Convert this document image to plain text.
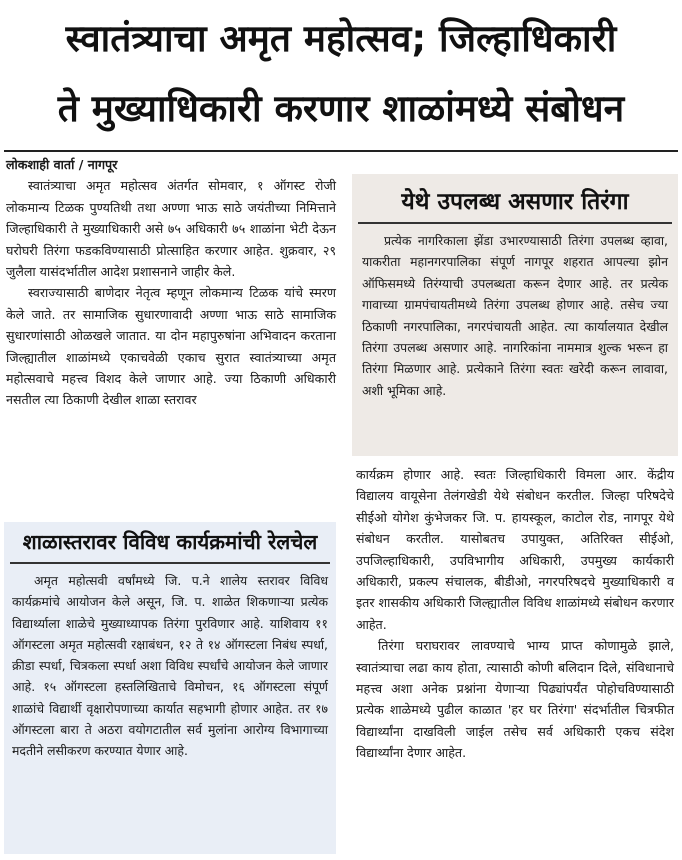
स्वातंत्र्याचा अमृत महोत्सव; जिल्हाधिकारी
ते मुख्याधिकारी करणार शाळांमध्ये संबोधन

लोकशाही वार्ता / नागपूर

स्वातंत्र्याचा अमृत महोत्सव अंतर्गत सोमवार, १ ऑगस्ट रोजी लोकमान्य टिळक पुण्यतिथी तथा अण्णा भाऊ साठे जयंतीच्या निमित्ताने जिल्हाधिकारी ते मुख्याधिकारी असे ७५ अधिकारी ७५ शाळांना भेटी देऊन घरोघरी तिरंगा फडकविण्यासाठी प्रोत्साहित करणार आहेत. शुक्रवार, २९ जुलैला यासंदर्भातील आदेश प्रशासनाने जाहीर केले.

स्वराज्यासाठी बाणेदार नेतृत्व म्हणून लोकमान्य टिळक यांचे स्मरण केले जाते. तर सामाजिक सुधारणावादी अण्णा भाऊ साठे सामाजिक सुधारणांसाठी ओळखले जातात. या दोन महापुरुषांना अभिवादन करताना जिल्ह्यातील शाळांमध्ये एकाचवेळी एकाच सुरात स्वातंत्र्याच्या अमृत महोत्सवाचे महत्त्व विशद केले जाणार आहे. ज्या ठिकाणी अधिकारी नसतील त्या ठिकाणी देखील शाळा स्तरावर

येथे उपलब्ध असणार तिरंगा

प्रत्येक नागरिकाला झेंडा उभारण्यासाठी तिरंगा उपलब्ध व्हावा, याकरीता महानगरपालिका संपूर्ण नागपूर शहरात आपल्या झोन ऑफिसमध्ये तिरंग्याची उपलब्धता करून देणार आहे. तर प्रत्येक गावाच्या ग्रामपंचायतीमध्ये तिरंगा उपलब्ध होणार आहे. तसेच ज्या ठिकाणी नगरपालिका, नगरपंचायती आहेत. त्या कार्यालयात देखील तिरंगा उपलब्ध असणार आहे. नागरिकांना नाममात्र शुल्क भरून हा तिरंगा मिळणार आहे. प्रत्येकाने तिरंगा स्वतः खरेदी करून लावावा, अशी भूमिका आहे.

कार्यक्रम होणार आहे. स्वतः जिल्हाधिकारी विमला आर. केंद्रीय विद्यालय वायूसेना तेलंगखेडी येथे संबोधन करतील. जिल्हा परिषदेचे सीईओ योगेश कुंभेजकर जि. प. हायस्कूल, काटोल रोड, नागपूर येथे संबोधन करतील. यासोबतच उपायुक्त, अतिरिक्त सीईओ, उपजिल्हाधिकारी, उपविभागीय अधिकारी, उपमुख्य कार्यकारी अधिकारी, प्रकल्प संचालक, बीडीओ, नगरपरिषदचे मुख्याधिकारी व इतर शासकीय अधिकारी जिल्ह्यातील विविध शाळांमध्ये संबोधन करणार आहेत.

तिरंगा घराघरावर लावण्याचे भाग्य प्राप्त कोणामुळे झाले, स्वातंत्र्याचा लढा काय होता, त्यासाठी कोणी बलिदान दिले, संविधानाचे महत्त्व अशा अनेक प्रश्नांना येणाऱ्या पिढ्यांपर्यंत पोहोचविण्यासाठी प्रत्येक शाळेमध्ये पुढील काळात 'हर घर तिरंगा' संदर्भातील चित्रफीत विद्यार्थ्यांना दाखविली जाईल तसेच सर्व अधिकारी एकच संदेश विद्यार्थ्यांना देणार आहेत.

शाळास्तरावर विविध कार्यक्रमांची रेलचेल

अमृत महोत्सवी वर्षांमध्ये जि. प.ने शालेय स्तरावर विविध कार्यक्रमांचे आयोजन केले असून, जि. प. शाळेत शिकणाऱ्या प्रत्येक विद्यार्थ्याला शाळेचे मुख्याध्यापक तिरंगा पुरविणार आहे. याशिवाय ११ ऑगस्टला अमृत महोत्सवी रक्षाबंधन, १२ ते १४ ऑगस्टला निबंध स्पर्धा, क्रीडा स्पर्धा, चित्रकला स्पर्धा अशा विविध स्पर्धांचे आयोजन केले जाणार आहे. १५ ऑगस्टला हस्तलिखिताचे विमोचन, १६ ऑगस्टला संपूर्ण शाळांचे विद्यार्थी वृक्षारोपणाच्या कार्यात सहभागी होणार आहेत. तर १७ ऑगस्टला बारा ते अठरा वयोगटातील सर्व मुलांना आरोग्य विभागाच्या मदतीने लसीकरण करण्यात येणार आहे.
